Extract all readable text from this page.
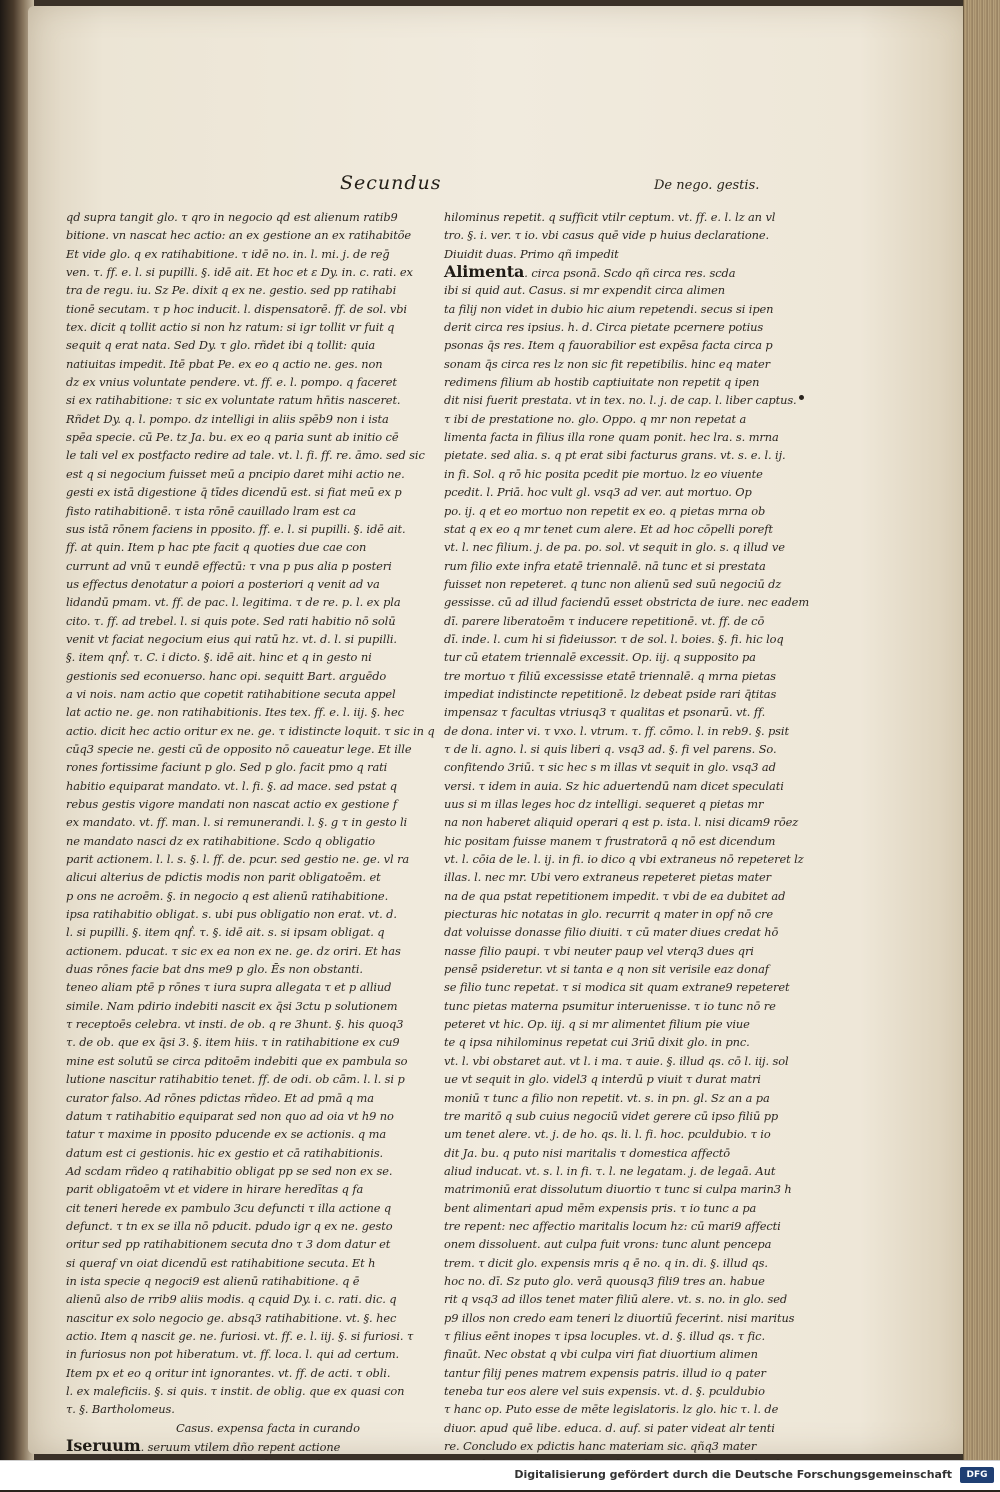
Secundus	De nego. gestis.
qd supra tangit glo. τ qro in negocio qd est alienum ratib9
bitione. vn nascat hec actio: an ex gestione an ex ratihabitõe
Et vide glo. q ex ratihabitione. τ idē no. in. l. mi. j. de reḡ
ven. τ. ff. e. l. si pupilli. §. idē ait. Et hoc et ε Dy. in. c. rati. ex
tra de regu. iu. Sz Pe. dixit q ex ne. gestio. sed pp ratihabi
tionē secutam. τ p hoc inducit. l. dispensatorē. ff. de sol. vbi
tex. dicit q tollit actio si non hz ratum: si igr tollit vr fuit q
sequit q erat nata. Sed Dy. τ glo. rñdet ibi q tollit: quia
natiuitas impedit. Itē pbat Pe. ex eo q actio ne. ges. non
dz ex vnius voluntate pendere. vt. ff. e. l. pompo. q faceret
si ex ratihabitione: τ sic ex voluntate ratum hn̄tis nasceret.
Rñdet Dy. q. l. pompo. dz intelligi in aliis spēb9 non i ista
spēa specie. cū Pe. tz Ja. bu. ex eo q paria sunt ab initio cē
le tali vel ex postfacto redire ad tale. vt. l. fi. ff. re. āmo. sed sic
est q si negocium fuisset meū a pncipio daret mihi actio ne.
gesti ex istā digestione q̄ tīdes dicendū est. si fiat meū ex p
fisto ratihabitionē. τ ista rōnē cauillado lram est ca
sus istā rōnem faciens in pposito. ff. e. l. si pupilli. §. idē ait.
ff. at quin. Item p hac pte facit q quoties due cae con
currunt ad vnū τ eundē effectū: τ vna p pus alia p posteri
us effectus denotatur a poiori a posteriori q venit ad va
lidandū pmam. vt. ff. de pac. l. legitima. τ de re. p. l. ex pla
cito. τ. ff. ad trebel. l. si quis pote. Sed rati habitio nō solū
venit vt faciat negocium eius qui ratū hz. vt. d. l. si pupilli.
§. item qnḟ. τ. C. i dicto. §. idē ait. hinc et q in gesto ni
gestionis sed econuerso. hanc opi. sequitt Bart. arguēdo
a vi nois. nam actio que copetit ratihabitione secuta appel
lat actio ne. ge. non ratihabitionis. Ites tex. ff. e. l. iij. §. hec
actio. dicit hec actio oritur ex ne. ge. τ idistincte loquit. τ sic in q
cūq3 specie ne. gesti cū de opposito nō caueatur lege. Et ille
rones fortissime faciunt p glo. Sed p glo. facit pmo q rati
habitio equiparat mandato. vt. l. fi. §. ad mace. sed pstat q
rebus gestis vigore mandati non nascat actio ex gestione f
ex mandato. vt. ff. man. l. si remunerandi. l. §. g τ in gesto li
ne mandato nasci dz ex ratihabitione. Scdo q obligatio
parit actionem. l. l. s. §. l. ff. de. pcur. sed gestio ne. ge. vl ra
alicui alterius de pdictis modis non parit obligatoēm. et
p ons ne acroēm. §. in negocio q est alienū ratihabitione.
ipsa ratihabitio obligat. s. ubi pus obligatio non erat. vt. d.
l. si pupilli. §. item qnḟ. τ. §. idē ait. s. si ipsam obligat. q
actionem. pducat. τ sic ex ea non ex ne. ge. dz oriri. Et has
duas rōnes facie bat dns me9 p glo. Ēs non obstanti.
teneo aliam ptē p rōnes τ iura supra allegata τ et p alliud
simile. Nam pdirio indebiti nascit ex q̄si 3ctu p solutionem
τ receptoēs celebra. vt insti. de ob. q re 3hunt. §. his quoq3
τ. de ob. que ex q̄si 3. §. item hiis. τ in ratihabitione ex cu9
mine est solutū se circa pditoēm indebiti que ex pambula so
lutione nascitur ratihabitio tenet. ff. de odi. ob cām. l. l. si p
curator falso. Ad rōnes pdictas rñdeo. Et ad pmā q ma
datum τ ratihabitio equiparat sed non quo ad oia vt h9 no
tatur τ maxime in pposito pducende ex se actionis. q ma
datum est ci gestionis. hic ex gestio et cā ratihabitionis.
Ad scdam rñdeo q ratihabitio obligat pp se sed non ex se.
parit obligatoēm vt et videre in hirare heredītas q fa
cit teneri herede ex pambulo 3cu defuncti τ illa actione q
defunct. τ tn ex se illa nō pducit. pdudo igr q ex ne. gesto
oritur sed pp ratihabitionem secuta dno τ 3 dom datur et
si queraf vn oiat dicendū est ratihabitione secuta. Et h
in ista specie q negoci9 est alienū ratihabitione. q ē
alienū also de rrib9 aliis modis. q cquid Dy. i. c. rati. dic. q
nascitur ex solo negocio ge. absq3 ratihabitione. vt. §. hec
actio. Item q nascit ge. ne. furiosi. vt. ff. e. l. iij. §. si furiosi. τ
in furiosus non pot hiberatum. vt. ff. loca. l. qui ad certum.
Item px et eo q oritur int ignorantes. vt. ff. de acti. τ obli.
l. ex maleficiis. §. si quis. τ instit. de oblig. que ex quasi con
τ. §. Bartholomeus.
Casus. expensa facta in curando
Iseruum. seruum vtilem dño repent actione
hilominus repetit. q sufficit vtilr ceptum. vt. ff. e. l. lz an vl
tro. §. i. ver. τ io. vbi casus quē vide p huius declaratione.
Diuidit duas. Primo qñ impedit
Alimenta. circa psonā. Scdo qñ circa res. scda
ibi si quid aut. Casus. si mr expendit circa alimen
ta filij non videt in dubio hic aium repetendi. secus si ipen
derit circa res ipsius. h. d. Circa pietate pcernere potius
psonas q̄s res. Item q fauorabilior est expēsa facta circa p
sonam q̄s circa res lz non sic fit repetibilis. hinc eq mater
redimens filium ab hostib captiuitate non repetit q ipen
dit nisi fuerit prestata. vt in tex. no. l. j. de cap. l. liber captus.
τ ibi de prestatione no. glo. Oppo. q mr non repetat a
limenta facta in filius illa rone quam ponit. hec lra. s. mrna
pietate. sed alia. s. q pt erat sibi facturus grans. vt. s. e. l. ij.
in fi. Sol. q rō hic posita pcedit pie mortuo. lz eo viuente
pcedit. l. Priā. hoc vult gl. vsq3 ad ver. aut mortuo. Op
po. ij. q et eo mortuo non repetit ex eo. q pietas mrna ob
stat q ex eo q mr tenet cum alere. Et ad hoc cōpelli poreft
vt. l. nec filium. j. de pa. po. sol. vt sequit in glo. s. q illud ve
rum filio exte infra etatē triennalē. nā tunc et si prestata
fuisset non repeteret. q tunc non alienū sed suū negociū dz
gessisse. cū ad illud faciendū esset obstricta de iure. nec eadem
dī. parere liberatoēm τ inducere repetitionē. vt. ff. de cō
dī. inde. l. cum hi si fideiussor. τ de sol. l. boies. §. fi. hic loq
tur cū etatem triennalē excessit. Op. iij. q supposito pa
tre mortuo τ filiū excessisse etatē triennalē. q mrna pietas
impediat indistincte repetitionē. lz debeat pside rari q̄titas
impensaz τ facultas vtriusq3 τ qualitas et psonarū. vt. ff.
de dona. inter vi. τ vxo. l. vtrum. τ. ff. cōmo. l. in reb9. §. psit
τ de li. agno. l. si quis liberi q. vsq3 ad. §. fi vel parens. So.
confitendo 3riū. τ sic hec s m illas vt sequit in glo. vsq3 ad
versi. τ idem in auia. Sz hic aduertendū nam dicet speculati
uus si m illas leges hoc dz intelligi. sequeret q pietas mr
na non haberet aliquid operari q est p. ista. l. nisi dicam9 rōez
hic positam fuisse manem τ frustratorā q nō est dicendum
vt. l. cōia de le. l. ij. in fi. io dico q vbi extraneus nō repeteret lz
illas. l. nec mr. Ubi vero extraneus repeteret pietas mater
na de qua pstat repetitionem impedit. τ vbi de ea dubitet ad
piecturas hic notatas in glo. recurrit q mater in opf nō cre
dat voluisse donasse filio diuiti. τ cū mater diues credat hō
nasse filio paupi. τ vbi neuter paup vel vterq3 dues qri
pensē psideretur. vt si tanta e q non sit verisile eaz donaf
se filio tunc repetat. τ si modica sit quam extrane9 repeteret
tunc pietas materna psumitur interuenisse. τ io tunc nō re
peteret vt hic. Op. iij. q si mr alimentet filium pie viue
te q ipsa nihilominus repetat cui 3riū dixit glo. in pnc.
vt. l. vbi obstaret aut. vt l. i ma. τ auie. §. illud qs. cō l. iij. sol
ue vt sequit in glo. videl3 q interdū p viuit τ durat matri
moniū τ tunc a filio non repetit. vt. s. in pn. gl. Sz an a pa
tre maritō q sub cuius negociū videt gerere cū ipso filiū pp
um tenet alere. vt. j. de ho. qs. li. l. fi. hoc. pculdubio. τ io
dit Ja. bu. q puto nisi maritalis τ domestica affectō
aliud inducat. vt. s. l. in fi. τ. l. ne legatam. j. de legaā. Aut
matrimoniū erat dissolutum diuortio τ tunc si culpa marin3 h
bent alimentari apud mēm expensis pris. τ io tunc a pa
tre repent: nec affectio maritalis locum hz: cū mari9 affecti
onem dissoluent. aut culpa fuit vrons: tunc alunt pencepa
trem. τ dicit glo. expensis mris q ē no. q in. di. §. illud qs.
hoc no. dī. Sz puto glo. verā quousq3 fili9 tres an. habue
rit q vsq3 ad illos tenet mater filiū alere. vt. s. no. in glo. sed
p9 illos non credo eam teneri lz diuortiū fecerint. nisi maritus
τ filius eēnt inopes τ ipsa locuples. vt. d. §. illud qs. τ fic.
finaūt. Nec obstat q vbi culpa viri fiat diuortium alimen
tantur filij penes matrem expensis patris. illud io q pater
teneba tur eos alere vel suis expensis. vt. d. §. pculdubio
τ hanc op. Puto esse de mēte legislatoris. lz glo. hic τ. l. de
diuor. apud quē libe. educa. d. auf. si pater videat alr tenti
re. Concludo ex pdictis hanc materiam sic. qñq3 mater
Digitalisierung gefördert durch die Deutsche Forschungsgemeinschaft	DFG
